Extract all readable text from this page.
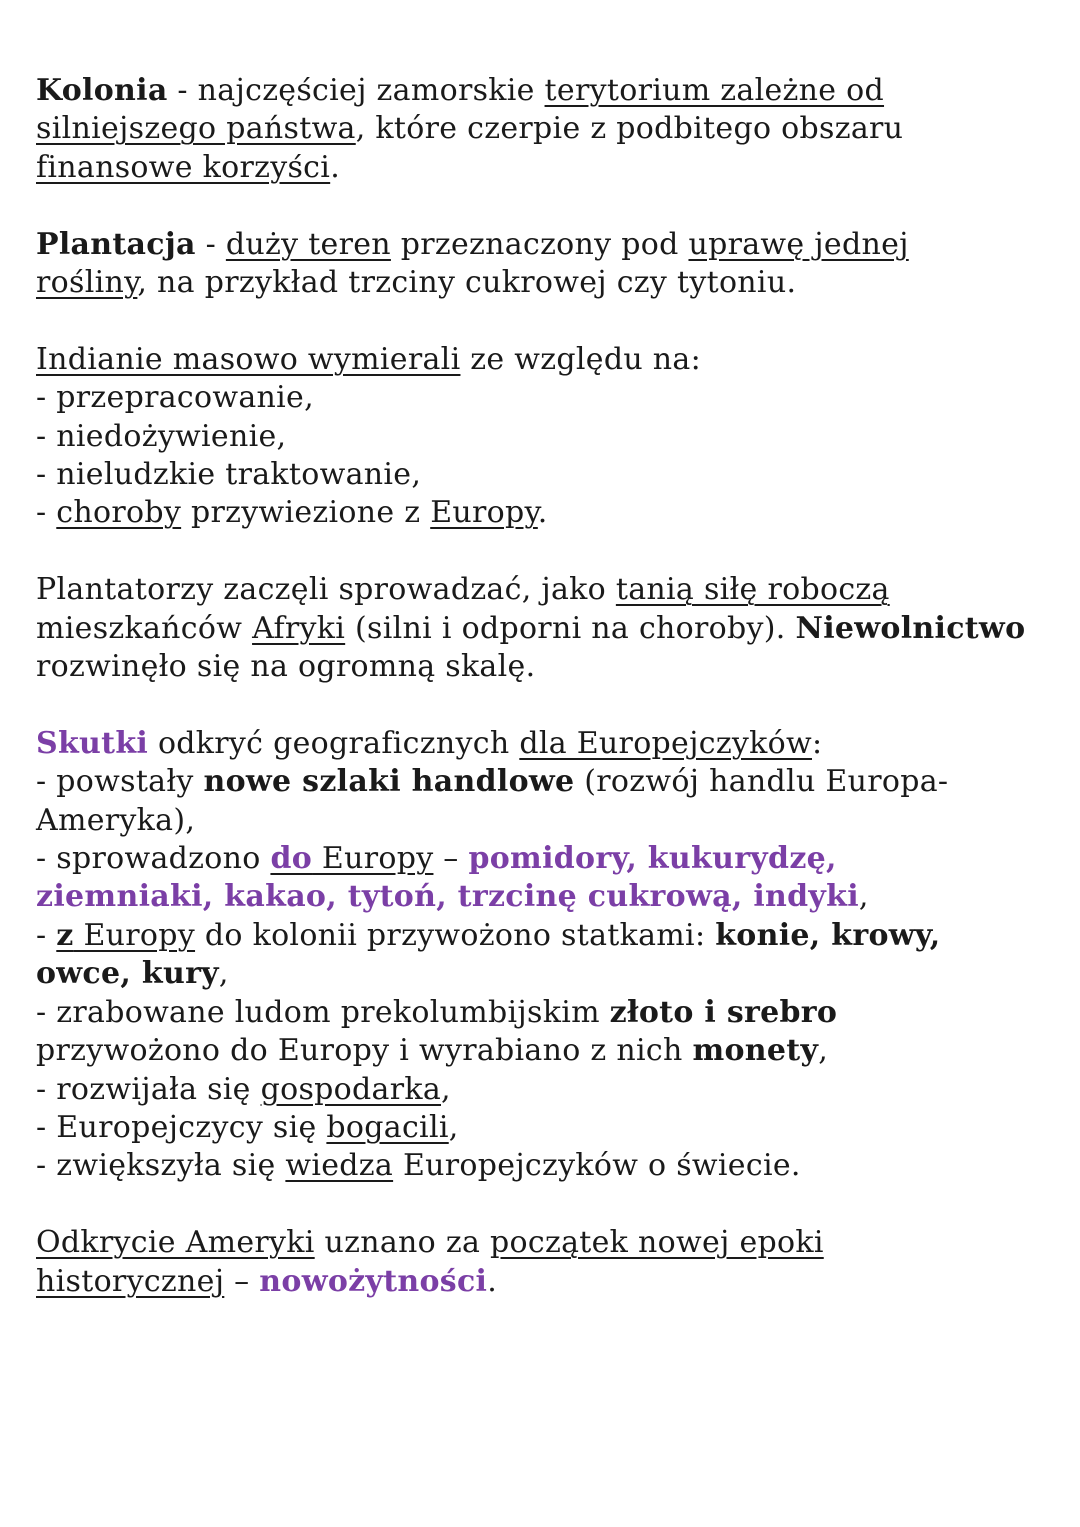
Kolonia - najczęściej zamorskie terytorium zależne od
silniejszego państwa, które czerpie z podbitego obszaru
finansowe korzyści.
Plantacja - duży teren przeznaczony pod uprawę jednej
rośliny, na przykład trzciny cukrowej czy tytoniu.
Indianie masowo wymierali ze względu na:
- przepracowanie,
- niedożywienie,
- nieludzkie traktowanie,
- choroby przywiezione z Europy.
Plantatorzy zaczęli sprowadzać, jako tanią siłę roboczą
mieszkańców Afryki (silni i odporni na choroby). Niewolnictwo
rozwinęło się na ogromną skalę.
Skutki odkryć geograficznych dla Europejczyków:
- powstały nowe szlaki handlowe (rozwój handlu Europa-
Ameryka),
- sprowadzono do Europy – pomidory, kukurydzę,
ziemniaki, kakao, tytoń, trzcinę cukrową, indyki,
- z Europy do kolonii przywożono statkami: konie, krowy,
owce, kury,
- zrabowane ludom prekolumbijskim złoto i srebro
przywożono do Europy i wyrabiano z nich monety,
- rozwijała się gospodarka,
- Europejczycy się bogacili,
- zwiększyła się wiedza Europejczyków o świecie.
Odkrycie Ameryki uznano za początek nowej epoki
historycznej – nowożytności.
